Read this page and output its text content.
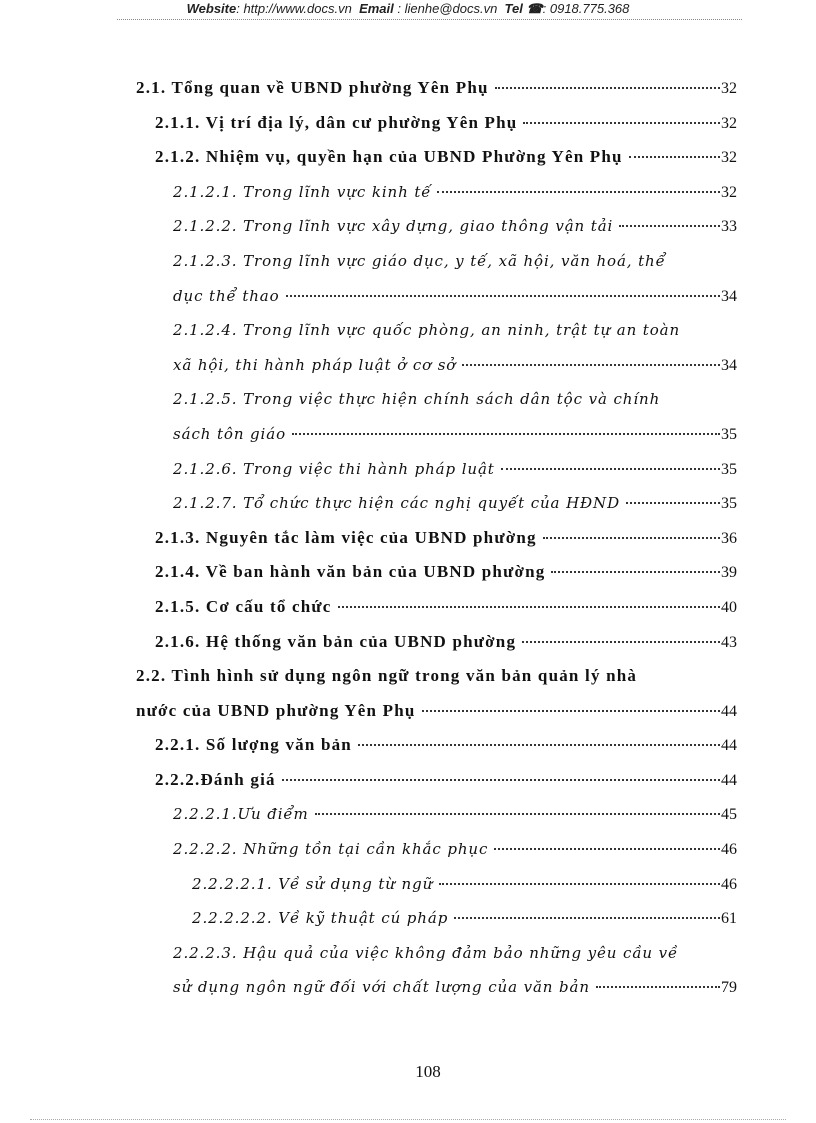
Website: http://www.docs.vn Email : lienhe@docs.vn Tel ☎: 0918.775.368
2.1. Tổng quan về UBND phường Yên Phụ	32
2.1.1. Vị trí địa lý, dân cư phường Yên Phụ	32
2.1.2. Nhiệm vụ, quyền hạn của UBND Phường Yên Phụ	32
2.1.2.1. Trong lĩnh vực kinh tế	32
2.1.2.2. Trong lĩnh vực xây dựng, giao thông vận tải	33
2.1.2.3. Trong lĩnh vực giáo dục, y tế, xã hội, văn hoá, thể
dục thể thao	34
2.1.2.4. Trong lĩnh vực quốc phòng, an ninh, trật tự an toàn
xã hội, thi hành pháp luật ở cơ sở	34
2.1.2.5. Trong việc thực hiện chính sách dân tộc và chính
sách tôn giáo	35
2.1.2.6. Trong việc thi hành pháp luật	35
2.1.2.7. Tổ chức thực hiện các nghị quyết của HĐND	35
2.1.3. Nguyên tắc làm việc của UBND phường	36
2.1.4. Về ban hành văn bản của UBND phường	39
2.1.5. Cơ cấu tổ chức	40
2.1.6. Hệ thống văn bản của UBND phường	43
2.2. Tình hình sử dụng ngôn ngữ trong văn bản quản lý nhà
nước của UBND phường Yên Phụ	44
2.2.1. Số lượng văn bản	44
2.2.2.Đánh giá	44
2.2.2.1.Ưu điểm	45
2.2.2.2. Những tồn tại cần khắc phục	46
2.2.2.2.1. Về sử dụng từ ngữ	46
2.2.2.2.2. Về kỹ thuật cú pháp	61
2.2.2.3. Hậu quả của việc không đảm bảo những yêu cầu về
sử dụng ngôn ngữ đối với chất lượng của văn bản	79
108
